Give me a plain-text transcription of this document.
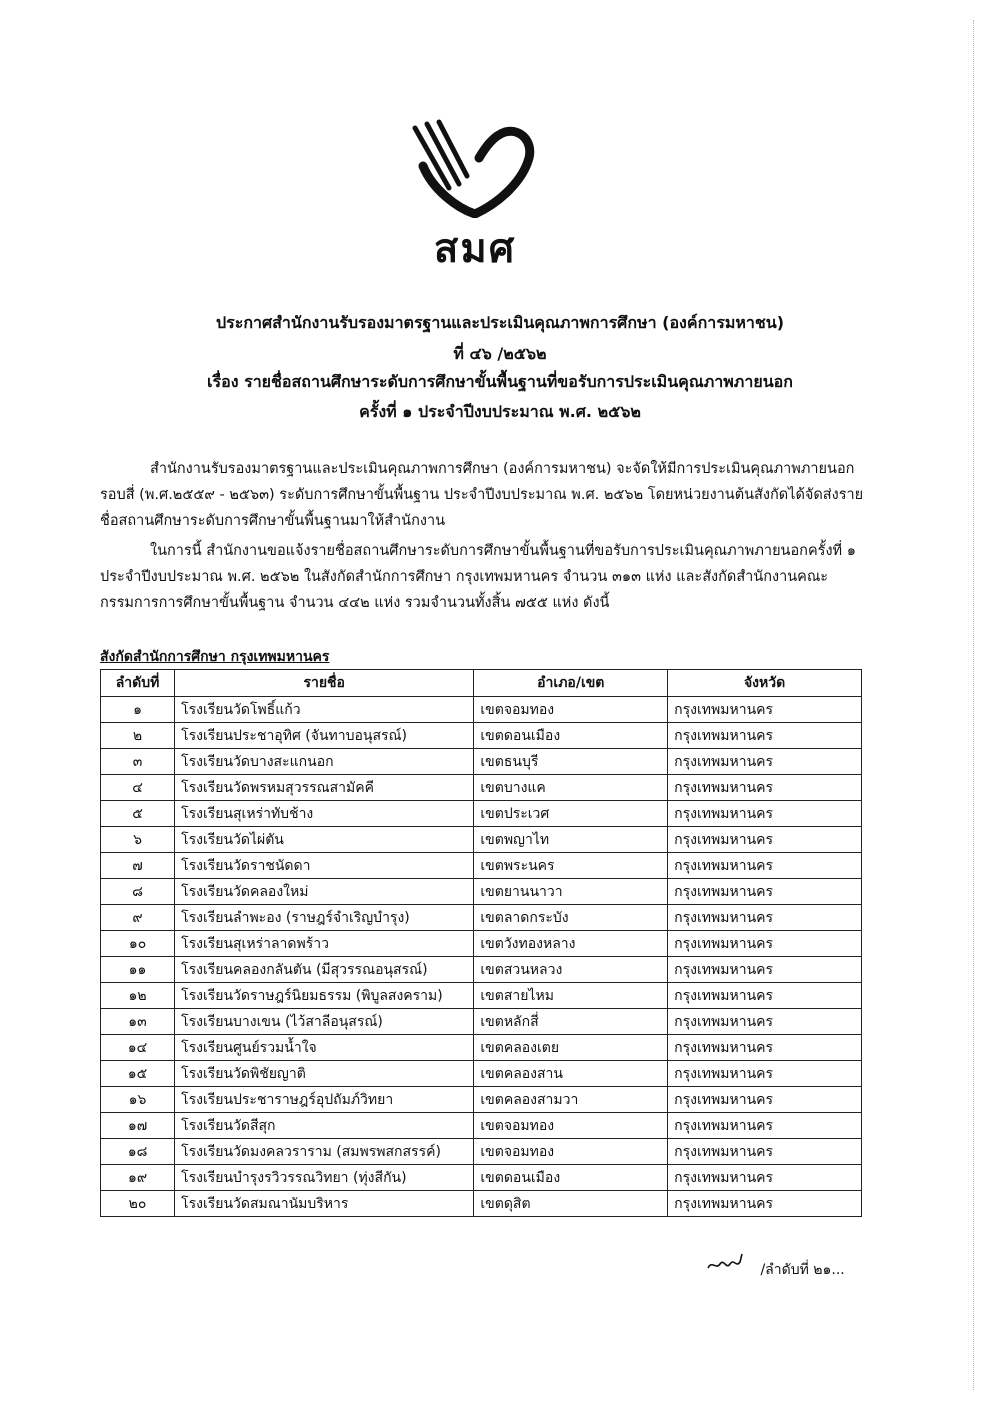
สมศ
ประกาศสำนักงานรับรองมาตรฐานและประเมินคุณภาพการศึกษา (องค์การมหาชน)
ที่ ๔๖ /๒๕๖๒
เรื่อง รายชื่อสถานศึกษาระดับการศึกษาขั้นพื้นฐานที่ขอรับการประเมินคุณภาพภายนอก
ครั้งที่ ๑ ประจำปีงบประมาณ พ.ศ. ๒๕๖๒
สำนักงานรับรองมาตรฐานและประเมินคุณภาพการศึกษา (องค์การมหาชน) จะจัดให้มีการประเมินคุณภาพภายนอกรอบสี่ (พ.ศ.๒๕๕๙ - ๒๕๖๓) ระดับการศึกษาขั้นพื้นฐาน ประจำปีงบประมาณ พ.ศ. ๒๕๖๒ โดยหน่วยงานต้นสังกัดได้จัดส่งรายชื่อสถานศึกษาระดับการศึกษาขั้นพื้นฐานมาให้สำนักงาน
ในการนี้ สำนักงานขอแจ้งรายชื่อสถานศึกษาระดับการศึกษาขั้นพื้นฐานที่ขอรับการประเมินคุณภาพภายนอกครั้งที่ ๑ ประจำปีงบประมาณ พ.ศ. ๒๕๖๒ ในสังกัดสำนักการศึกษา กรุงเทพมหานคร จำนวน ๓๑๓ แห่ง และสังกัดสำนักงานคณะกรรมการการศึกษาขั้นพื้นฐาน จำนวน ๔๔๒ แห่ง รวมจำนวนทั้งสิ้น ๗๕๕ แห่ง ดังนี้
สังกัดสำนักการศึกษา กรุงเทพมหานคร
ลำดับที่	รายชื่อ	อำเภอ/เขต	จังหวัด
๑	โรงเรียนวัดโพธิ์แก้ว	เขตจอมทอง	กรุงเทพมหานคร
๒	โรงเรียนประชาอุทิศ (จันทาบอนุสรณ์)	เขตดอนเมือง	กรุงเทพมหานคร
๓	โรงเรียนวัดบางสะแกนอก	เขตธนบุรี	กรุงเทพมหานคร
๔	โรงเรียนวัดพรหมสุวรรณสามัคคี	เขตบางแค	กรุงเทพมหานคร
๕	โรงเรียนสุเหร่าทับช้าง	เขตประเวศ	กรุงเทพมหานคร
๖	โรงเรียนวัดไผ่ตัน	เขตพญาไท	กรุงเทพมหานคร
๗	โรงเรียนวัดราชนัดดา	เขตพระนคร	กรุงเทพมหานคร
๘	โรงเรียนวัดคลองใหม่	เขตยานนาวา	กรุงเทพมหานคร
๙	โรงเรียนลำพะอง (ราษฎร์จำเริญบำรุง)	เขตลาดกระบัง	กรุงเทพมหานคร
๑๐	โรงเรียนสุเหร่าลาดพร้าว	เขตวังทองหลาง	กรุงเทพมหานคร
๑๑	โรงเรียนคลองกลันตัน (มีสุวรรณอนุสรณ์)	เขตสวนหลวง	กรุงเทพมหานคร
๑๒	โรงเรียนวัดราษฎร์นิยมธรรม (พิบูลสงคราม)	เขตสายไหม	กรุงเทพมหานคร
๑๓	โรงเรียนบางเขน (ไว้สาลีอนุสรณ์)	เขตหลักสี่	กรุงเทพมหานคร
๑๔	โรงเรียนศูนย์รวมน้ำใจ	เขตคลองเตย	กรุงเทพมหานคร
๑๕	โรงเรียนวัดพิชัยญาติ	เขตคลองสาน	กรุงเทพมหานคร
๑๖	โรงเรียนประชาราษฎร์อุปถัมภ์วิทยา	เขตคลองสามวา	กรุงเทพมหานคร
๑๗	โรงเรียนวัดสีสุก	เขตจอมทอง	กรุงเทพมหานคร
๑๘	โรงเรียนวัดมงคลวราราม (สมพรพสกสรรค์)	เขตจอมทอง	กรุงเทพมหานคร
๑๙	โรงเรียนบำรุงรวิวรรณวิทยา (ทุ่งสีกัน)	เขตดอนเมือง	กรุงเทพมหานคร
๒๐	โรงเรียนวัดสมณานัมบริหาร	เขตดุสิต	กรุงเทพมหานคร
/ลำดับที่ ๒๑...
